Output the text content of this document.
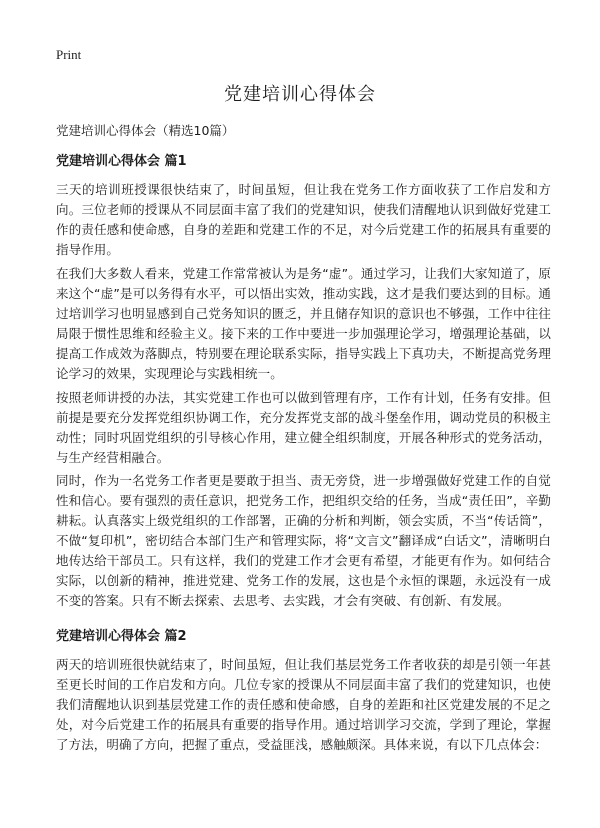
Print
党建培训心得体会

党建培训心得体会（精选10篇）

党建培训心得体会 篇1

三天的培训班授课很快结束了，时间虽短，但让我在党务工作方面收获了工作启发和方向。三位老师的授课从不同层面丰富了我们的党建知识，使我们清醒地认识到做好党建工作的责任感和使命感，自身的差距和党建工作的不足，对今后党建工作的拓展具有重要的指导作用。

在我们大多数人看来，党建工作常常被认为是务“虚”。通过学习，让我们大家知道了，原来这个“虚”是可以务得有水平，可以悟出实效，推动实践，这才是我们要达到的目标。通过培训学习也明显感到自己党务知识的匮乏，并且储存知识的意识也不够强，工作中往往局限于惯性思维和经验主义。接下来的工作中要进一步加强理论学习，增强理论基础，以提高工作成效为落脚点，特别要在理论联系实际，指导实践上下真功夫，不断提高党务理论学习的效果，实现理论与实践相统一。

按照老师讲授的办法，其实党建工作也可以做到管理有序，工作有计划，任务有安排。但前提是要充分发挥党组织协调工作，充分发挥党支部的战斗堡垒作用，调动党员的积极主动性；同时巩固党组织的引导核心作用，建立健全组织制度，开展各种形式的党务活动，与生产经营相融合。

同时，作为一名党务工作者更是要敢于担当、责无旁贷，进一步增强做好党建工作的自觉性和信心。要有强烈的责任意识，把党务工作，把组织交给的任务，当成“责任田”，辛勤耕耘。认真落实上级党组织的工作部署，正确的分析和判断，领会实质，不当“传话筒”，不做“复印机”，密切结合本部门生产和管理实际，将“文言文”翻译成“白话文”，清晰明白地传达给干部员工。只有这样，我们的党建工作才会更有希望，才能更有作为。如何结合实际，以创新的精神，推进党建、党务工作的发展，这也是个永恒的课题，永远没有一成不变的答案。只有不断去探索、去思考、去实践，才会有突破、有创新、有发展。

党建培训心得体会 篇2

两天的培训班很快就结束了，时间虽短，但让我们基层党务工作者收获的却是引领一年甚至更长时间的工作启发和方向。几位专家的授课从不同层面丰富了我们的党建知识，也使我们清醒地认识到基层党建工作的责任感和使命感，自身的差距和社区党建发展的不足之处，对今后党建工作的拓展具有重要的指导作用。通过培训学习交流，学到了理论，掌握了方法，明确了方向，把握了重点，受益匪浅，感触颇深。具体来说，有以下几点体会：
